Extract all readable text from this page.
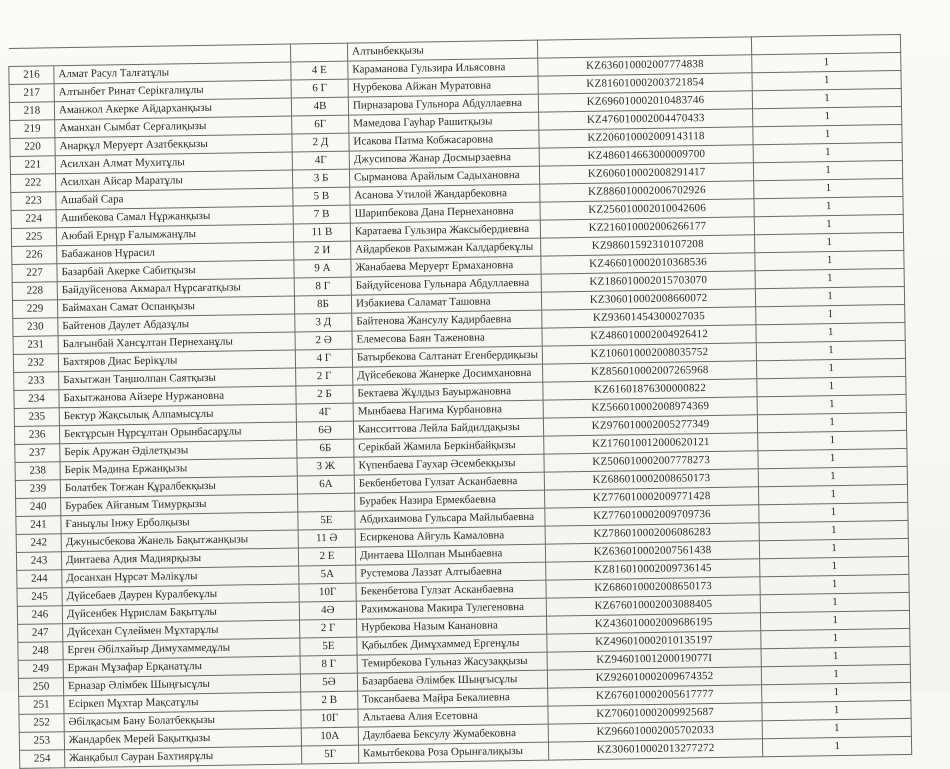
			Алтынбекқызы		
216	Алмат Расул Талғатұлы	4 Е	Караманова Гульзира Ильясовна	KZ636010002007774838	1
217	Алтынбет Ринат Серікғалиұлы	6 Г	Нурбекова Айжан Муратовна	KZ816010002003721854	1
218	Аманжол Акерке Айдарханқызы	4В	Пирназарова Гульнора Абдуллаевна	KZ696010002010483746	1
219	Аманхан Сымбат Серғалиқызы	6Г	Мамедова Гауһар Рашитқызы	KZ476010002004470433	1
220	Анарқұл Меруерт Азатбекқызы	2 Д	Исакова Патма Кобжасаровна	KZ206010002009143118	1
221	Асилхан Алмат Мухитұлы	4Г	Джусипова Жанар Досмырзаевна	KZ486014663000009700	1
222	Асилхан Айсар Маратұлы	3 Б	Сырманова Арайлым Садыхановна	KZ606010002008291417	1
223	Ашабай Сара	5 В	Асанова Утилой Жандарбековна	KZ886010002006702926	1
224	Ашибекова Самал Нұржанқызы	7 В	Шарипбекова Дана Пернехановна	KZ256010002010042606	1
225	Аюбай Ернұр Ғалымжанұлы	11 В	Каратаева Гульзира Жаксыбердиевна	KZ216010002006266177	1
226	Бабажанов Нұрасил	2 И	Айдарбеков Рахымжан Калдарбекұлы	KZ98601592310107208	1
227	Базарбай Акерке Сабитқызы	9 А	Жанабаева Меруерт Ермахановна	KZ466010002010368536	1
228	Байдуйсенова Акмарал Нұрсағатқызы	8 Г	Байдуйсенова Гульнара Абдуллаевна	KZ186010002015703070	1
229	Баймахан Самат Оспанқызы	8Б	Избакиева Саламат Ташовна	KZ306010002008660072	1
230	Байтенов Даулет Абдазұлы	3 Д	Байтенова Жансулу Кадирбаевна	KZ93601454300027035	1
231	Балғынбай Хансұлтан Пернеханұлы	2 Ә	Елемесова Баян Таженовна	KZ486010002004926412	1
232	Бахтяров Диас Берікұлы	4 Г	Батырбекова Салтанат Егенбердиқызы	KZ106010002008035752	1
233	Бахытжан Таңшолпан Саятқызы	2 Г	Дүйсебекова Жанерке Досимхановна	KZ856010002007265968	1
234	Бахытжанова Айзере Нуржановна	2 Б	Бектаева Жұлдыз Бауыржановна	KZ61601876300000822	1
235	Бектур Жақсылық Алпамысұлы	4Г	Мынбаева Нагима Курбановна	KZ566010002008974369	1
236	Бектұрсын Нұрсұлтан Орынбасарұлы	6Ә	Кансситтова Лейла Байдилдақызы	KZ976010002005277349	1
237	Берік Аружан Әділетқызы	6Б	Серікбай Жамила Беркінбайқызы	KZ176010012000620121	1
238	Берік Мәдина Ержанқызы	3 Ж	Күпенбаева Гаухар Әсембекқызы	KZ506010002007778273	1
239	Болатбек Тоғжан Құралбекқызы	6А	Бекбенбетова Гулзат Асканбаевна	KZ686010002008650173	1
240	Бурабек Айганым Тимурқызы		Бурабек Назира Ермекбаевна	KZ776010002009771428	1
241	Ғаныұлы Інжу Ерболқызы	5Е	Абдихаимова Гульсара Майлыбаевна	KZ776010002009709736	1
242	Джунысбекова Жанель Бақытжанқызы	11 Ә	Есиркенова Айгуль Камаловна	KZ786010002006086283	1
243	Динтаева Адия Мадиярқызы	2 Е	Динтаева Шолпан Мынбаевна	KZ636010002007561438	1
244	Досанхан Нұрсәт Мәлікұлы	5А	Рустемова Лаззат Алтыбаевна	KZ816010002009736145	1
245	Дүйсебаев Даурен Куралбекұлы	10Г	Бекенбетова Гулзат Асканбаевна	KZ686010002008650173	1
246	Дүйсенбек Нұрислам Бақытұлы	4Ә	Рахимжанова Макира Тулегеновна	KZ676010002003088405	1
247	Дүйсехан Сүлеймен Мұхтарұлы	2 Г	Нурбекова Назым Канановна	KZ436010002009686195	1
248	Ерген Әбілхайыр Димухаммедұлы	5Е	Қабылбек Димұхаммед Ергенұлы	KZ496010002010135197	1
249	Ержан Мұзафар Ерқанатұлы	8 Г	Темирбекова Гульназ Жасузаққызы	KZ94601001200019077I	1
250	Ерназар Әлімбек Шыңғысұлы	5Ә	Базарбаева Әлімбек Шыңғысұлы	KZ926010002009674352	1
251	Есіркеп Мұхтар Мақсатұлы	2 В	Токсанбаева Майра Бекалиевна	KZ676010002005617777	1
252	Әбілқасым Бану Болатбекқызы	10Г	Альтаева Алия Есетовна	KZ706010002009925687	1
253	Жандарбек Мерей Бақытқызы	10А	Даулбаева Бексулу Жумабековна	KZ966010002005702033	1
254	Жанқабыл Сауран Бахтиярұлы	5Г	Камытбекова Роза Орынғалиқызы	KZ306010002013277272	1
